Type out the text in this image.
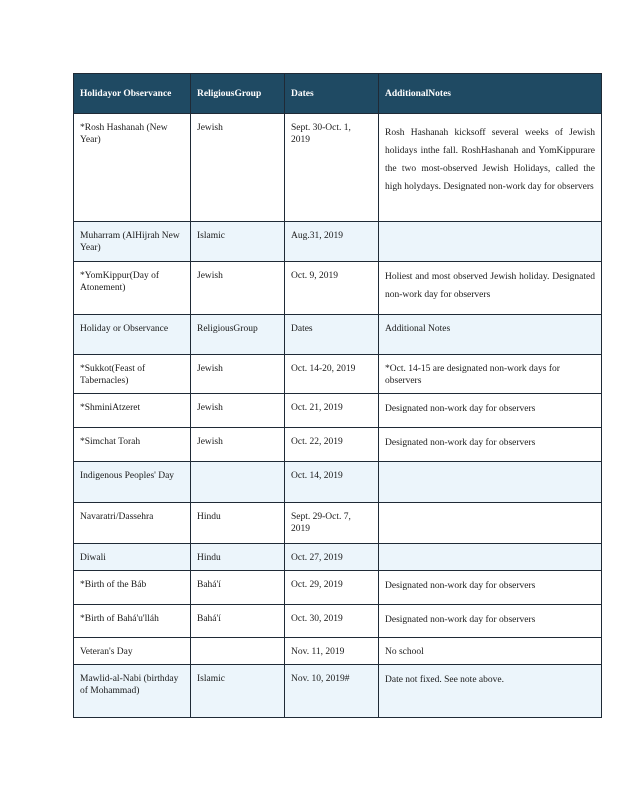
Holidayor Observance	ReligiousGroup	Dates	AdditionalNotes

*Rosh Hashanah (New Year)	Jewish	Sept. 30-Oct. 1, 2019	Rosh Hashanah kicksoff several weeks of Jewish holidays inthe fall. RoshHashanah and YomKippurare the two most-observed Jewish Holidays, called the high holydays. Designated non-work day for observers

Muharram (AlHijrah New Year)	Islamic	Aug.31, 2019	

*YomKippur(Day of Atonement)	Jewish	Oct. 9, 2019	Holiest and most observed Jewish holiday. Designated non-work day for observers

Holiday or Observance	ReligiousGroup	Dates	Additional Notes

*Sukkot(Feast of Tabernacles)	Jewish	Oct. 14-20, 2019	*Oct. 14-15 are designated non-work days for observers

*ShminiAtzeret	Jewish	Oct. 21, 2019	Designated non-work day for observers

*Simchat Torah	Jewish	Oct. 22, 2019	Designated non-work day for observers

Indigenous Peoples' Day		Oct. 14, 2019	

Navaratri/Dassehra	Hindu	Sept. 29-Oct. 7, 2019	

Diwali	Hindu	Oct. 27, 2019	

*Birth of the Báb	Bahá'í	Oct. 29, 2019	Designated non-work day for observers

*Birth of Bahá'u'lláh	Bahá'í	Oct. 30, 2019	Designated non-work day for observers

Veteran's Day		Nov. 11, 2019	No school

Mawlid-al-Nabi (birthday of Mohammad)	Islamic	Nov. 10, 2019#	Date not fixed. See note above.
